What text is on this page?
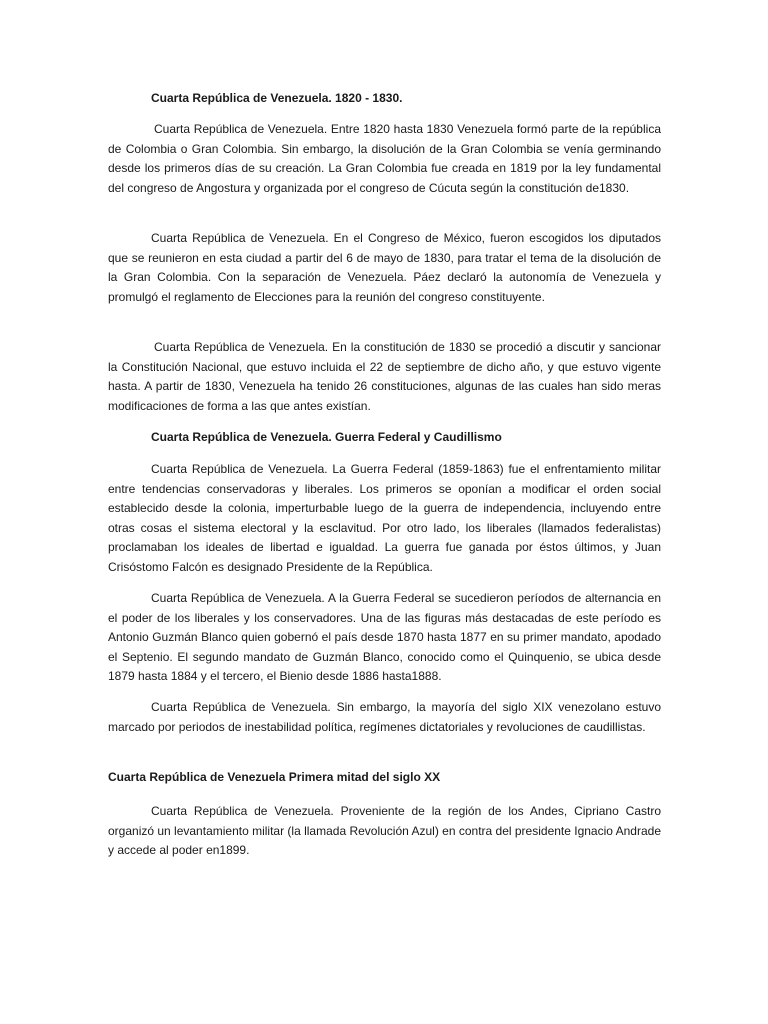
Cuarta República de Venezuela. 1820 - 1830.

Cuarta República de Venezuela. Entre 1820 hasta 1830 Venezuela formó parte de la república de Colombia o Gran Colombia. Sin embargo, la disolución de la Gran Colombia se venía germinando desde los primeros días de su creación. La Gran Colombia fue creada en 1819 por la ley fundamental del congreso de Angostura y organizada por el congreso de Cúcuta según la constitución de1830.

Cuarta República de Venezuela. En el Congreso de México, fueron escogidos los diputados que se reunieron en esta ciudad a partir del 6 de mayo de 1830, para tratar el tema de la disolución de la Gran Colombia. Con la separación de Venezuela. Páez declaró la autonomía de Venezuela y promulgó el reglamento de Elecciones para la reunión del congreso constituyente.

Cuarta República de Venezuela. En la constitución de 1830 se procedió a discutir y sancionar la Constitución Nacional, que estuvo incluida el 22 de septiembre de dicho año, y que estuvo vigente hasta. A partir de 1830, Venezuela ha tenido 26 constituciones, algunas de las cuales han sido meras modificaciones de forma a las que antes existían.

Cuarta República de Venezuela. Guerra Federal y Caudillismo

Cuarta República de Venezuela. La Guerra Federal (1859-1863) fue el enfrentamiento militar entre tendencias conservadoras y liberales. Los primeros se oponían a modificar el orden social establecido desde la colonia, imperturbable luego de la guerra de independencia, incluyendo entre otras cosas el sistema electoral y la esclavitud. Por otro lado, los liberales (llamados federalistas) proclamaban los ideales de libertad e igualdad. La guerra fue ganada por éstos últimos, y Juan Crisóstomo Falcón es designado Presidente de la República.

Cuarta República de Venezuela. A la Guerra Federal se sucedieron períodos de alternancia en el poder de los liberales y los conservadores. Una de las figuras más destacadas de este período es Antonio Guzmán Blanco quien gobernó el país desde 1870 hasta 1877 en su primer mandato, apodado el Septenio. El segundo mandato de Guzmán Blanco, conocido como el Quinquenio, se ubica desde 1879 hasta 1884 y el tercero, el Bienio desde 1886 hasta1888.

Cuarta República de Venezuela. Sin embargo, la mayoría del siglo XIX venezolano estuvo marcado por periodos de inestabilidad política, regímenes dictatoriales y revoluciones de caudillistas.

Cuarta República de Venezuela Primera mitad del siglo XX

Cuarta República de Venezuela. Proveniente de la región de los Andes, Cipriano Castro organizó un levantamiento militar (la llamada Revolución Azul) en contra del presidente Ignacio Andrade y accede al poder en1899.
